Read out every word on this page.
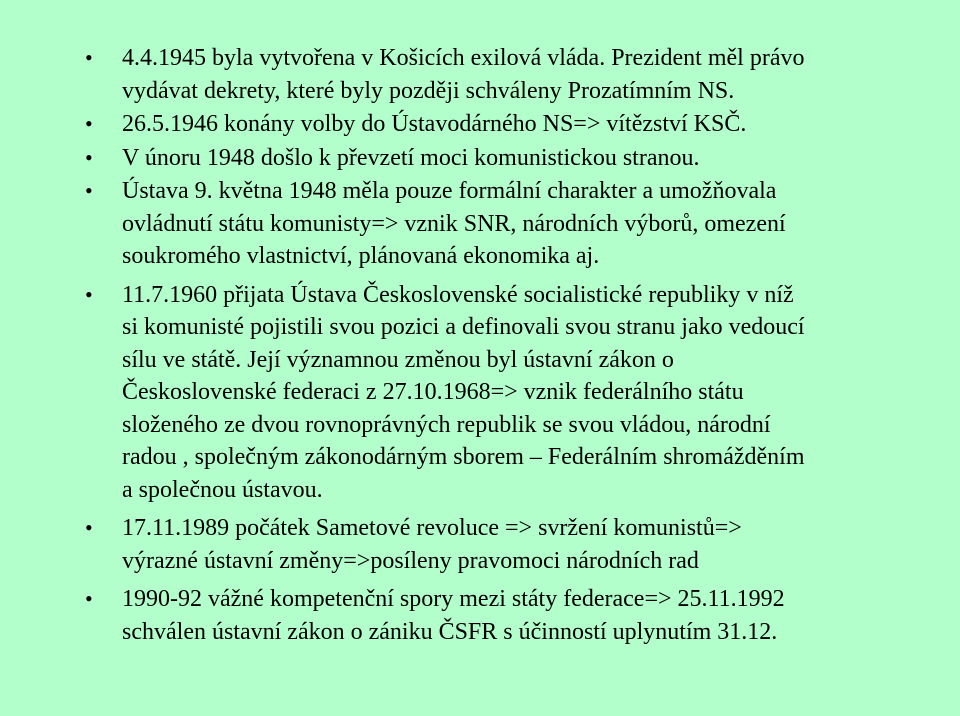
•	4.4.1945 byla vytvořena v Košicích exilová vláda. Prezident měl právo
vydávat dekrety, které byly později schváleny Prozatímním NS.
•	26.5.1946 konány volby do Ústavodárného NS=> vítězství KSČ.
•	V únoru 1948 došlo k převzetí moci komunistickou stranou.
•	Ústava 9. května 1948 měla pouze formální charakter a umožňovala
ovládnutí státu komunisty=> vznik SNR, národních výborů, omezení
soukromého vlastnictví, plánovaná ekonomika aj.
•	11.7.1960 přijata Ústava Československé socialistické republiky v níž
si komunisté pojistili svou pozici a definovali svou stranu jako vedoucí
sílu ve státě. Její významnou změnou byl ústavní zákon o
Československé federaci z 27.10.1968=> vznik federálního státu
složeného ze dvou rovnoprávných republik se svou vládou, národní
radou , společným zákonodárným sborem – Federálním shromážděním
a společnou ústavou.
•	17.11.1989 počátek Sametové revoluce => svržení komunistů=>
výrazné ústavní změny=>posíleny pravomoci národních rad
•	1990-92 vážné kompetenční spory mezi státy federace=> 25.11.1992
schválen ústavní zákon o zániku ČSFR s účinností uplynutím 31.12.
